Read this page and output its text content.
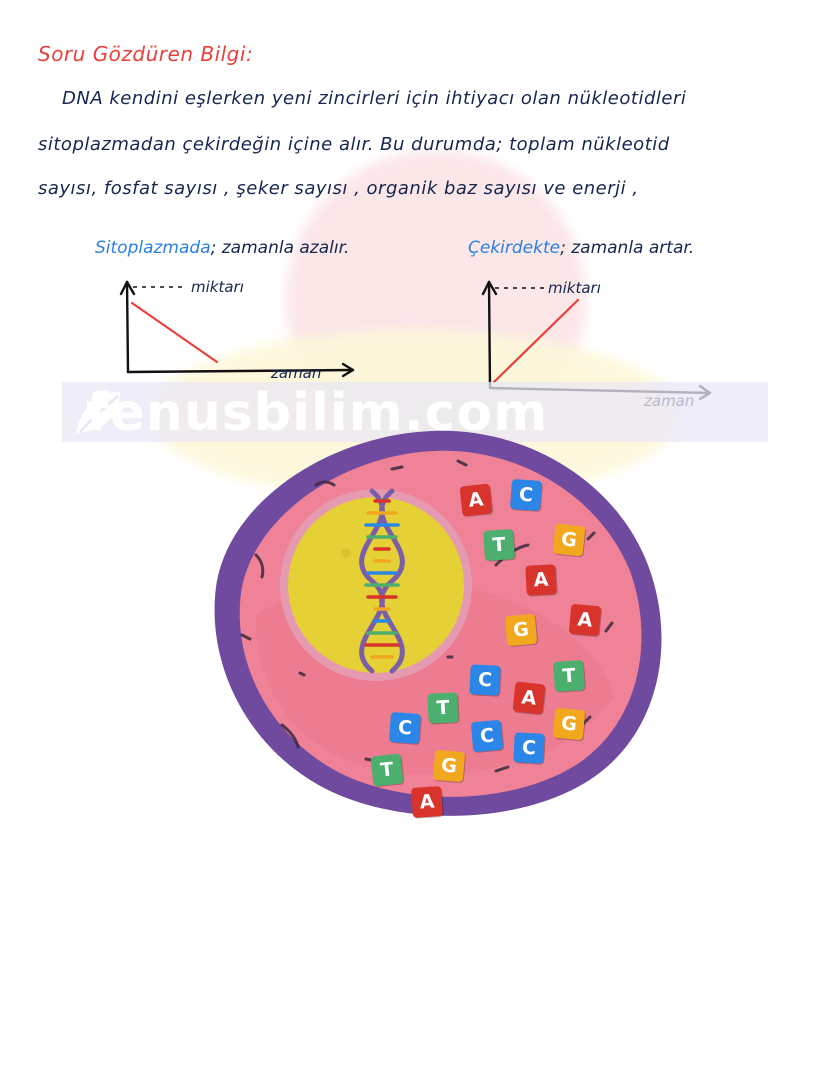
Soru Gözdüren Bilgi:
DNA kendini eşlerken yeni zincirleri için ihtiyacı olan nükleotidleri
sitoplazmadan çekirdeğin içine alır. Bu durumda; toplam nükleotid
sayısı, fosfat sayısı , şeker sayısı , organik baz sayısı ve enerji ,
Sitoplazmada; zamanla azalır.
miktarı
zaman
Çekirdekte; zamanla artar.
miktarı
fenusbilim.com
A	C
T	G
A
A
G
C	T
A
T
G
C	C
C
T	G
A
